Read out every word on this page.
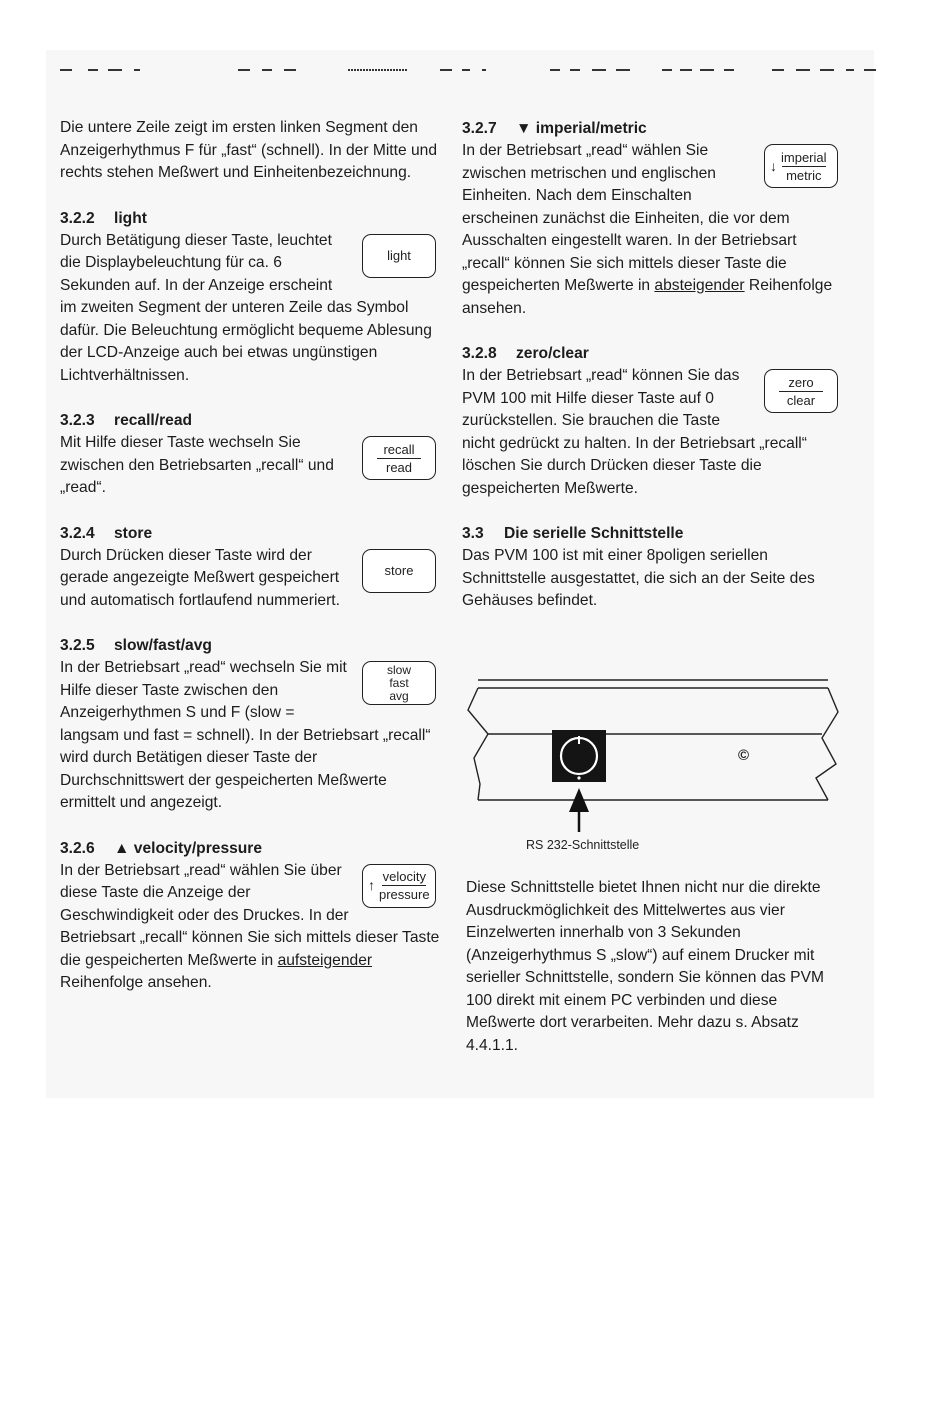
Die untere Zeile zeigt im ersten linken Segment den Anzeigerhythmus F für „fast“ (schnell). In der Mitte und rechts stehen Meßwert und Einheitenbezeichnung.

3.2.2 light
light

Durch Betätigung dieser Taste, leuchtet die Displaybeleuchtung für ca. 6 Sekunden auf. In der Anzeige erscheint im zweiten Segment der unteren Zeile das Symbol dafür. Die Beleuchtung ermöglicht bequeme Ablesung der LCD-Anzeige auch bei etwas ungünstigen Lichtverhältnissen.

3.2.3 recall/read
recall
read

Mit Hilfe dieser Taste wechseln Sie zwischen den Betriebsarten „recall“ und „read“.

3.2.4 store
store

Durch Drücken dieser Taste wird der gerade angezeigte Meßwert gespeichert und automatisch fortlaufend nummeriert.

3.2.5 slow/fast/avg
slow
fast
avg

In der Betriebsart „read“ wechseln Sie mit Hilfe dieser Taste zwischen den Anzeigerhythmen S und F (slow = langsam und fast = schnell). In der Betriebsart „recall“ wird durch Betätigen dieser Taste der Durchschnittswert der gespeicherten Meßwerte ermittelt und angezeigt.

3.2.6 ▲ velocity/pressure
↑
velocity
pressure

In der Betriebsart „read“ wählen Sie über diese Taste die Anzeige der Geschwindigkeit oder des Druckes. In der Betriebsart „recall“ können Sie sich mittels dieser Taste die gespeicherten Meßwerte in aufsteigender Reihenfolge ansehen.

3.2.7 ▼ imperial/metric
↓
imperial
metric

In der Betriebsart „read“ wählen Sie zwischen metrischen und englischen Einheiten. Nach dem Einschalten erscheinen zunächst die Einheiten, die vor dem Ausschalten eingestellt waren. In der Betriebsart „recall“ können Sie sich mittels dieser Taste die gespeicherten Meßwerte in absteigender Reihenfolge ansehen.

3.2.8 zero/clear
zero
clear

In der Betriebsart „read“ können Sie das PVM 100 mit Hilfe dieser Taste auf 0 zurückstellen. Sie brauchen die Taste nicht gedrückt zu halten. In der Betriebsart „recall“ löschen Sie durch Drücken dieser Taste die gespeicherten Meßwerte.

3.3 Die serielle Schnittstelle

Das PVM 100 ist mit einer 8poligen seriellen Schnittstelle ausgestattet, die sich an der Seite des Gehäuses befindet.

©
RS 232-Schnittstelle

Diese Schnittstelle bietet Ihnen nicht nur die direkte Ausdruckmöglichkeit des Mittelwertes aus vier Einzelwerten innerhalb von 3 Sekunden (Anzeigerhythmus S „slow“) auf einem Drucker mit serieller Schnittstelle, sondern Sie können das PVM 100 direkt mit einem PC verbinden und diese Meßwerte dort verarbeiten. Mehr dazu s. Absatz 4.4.1.1.
